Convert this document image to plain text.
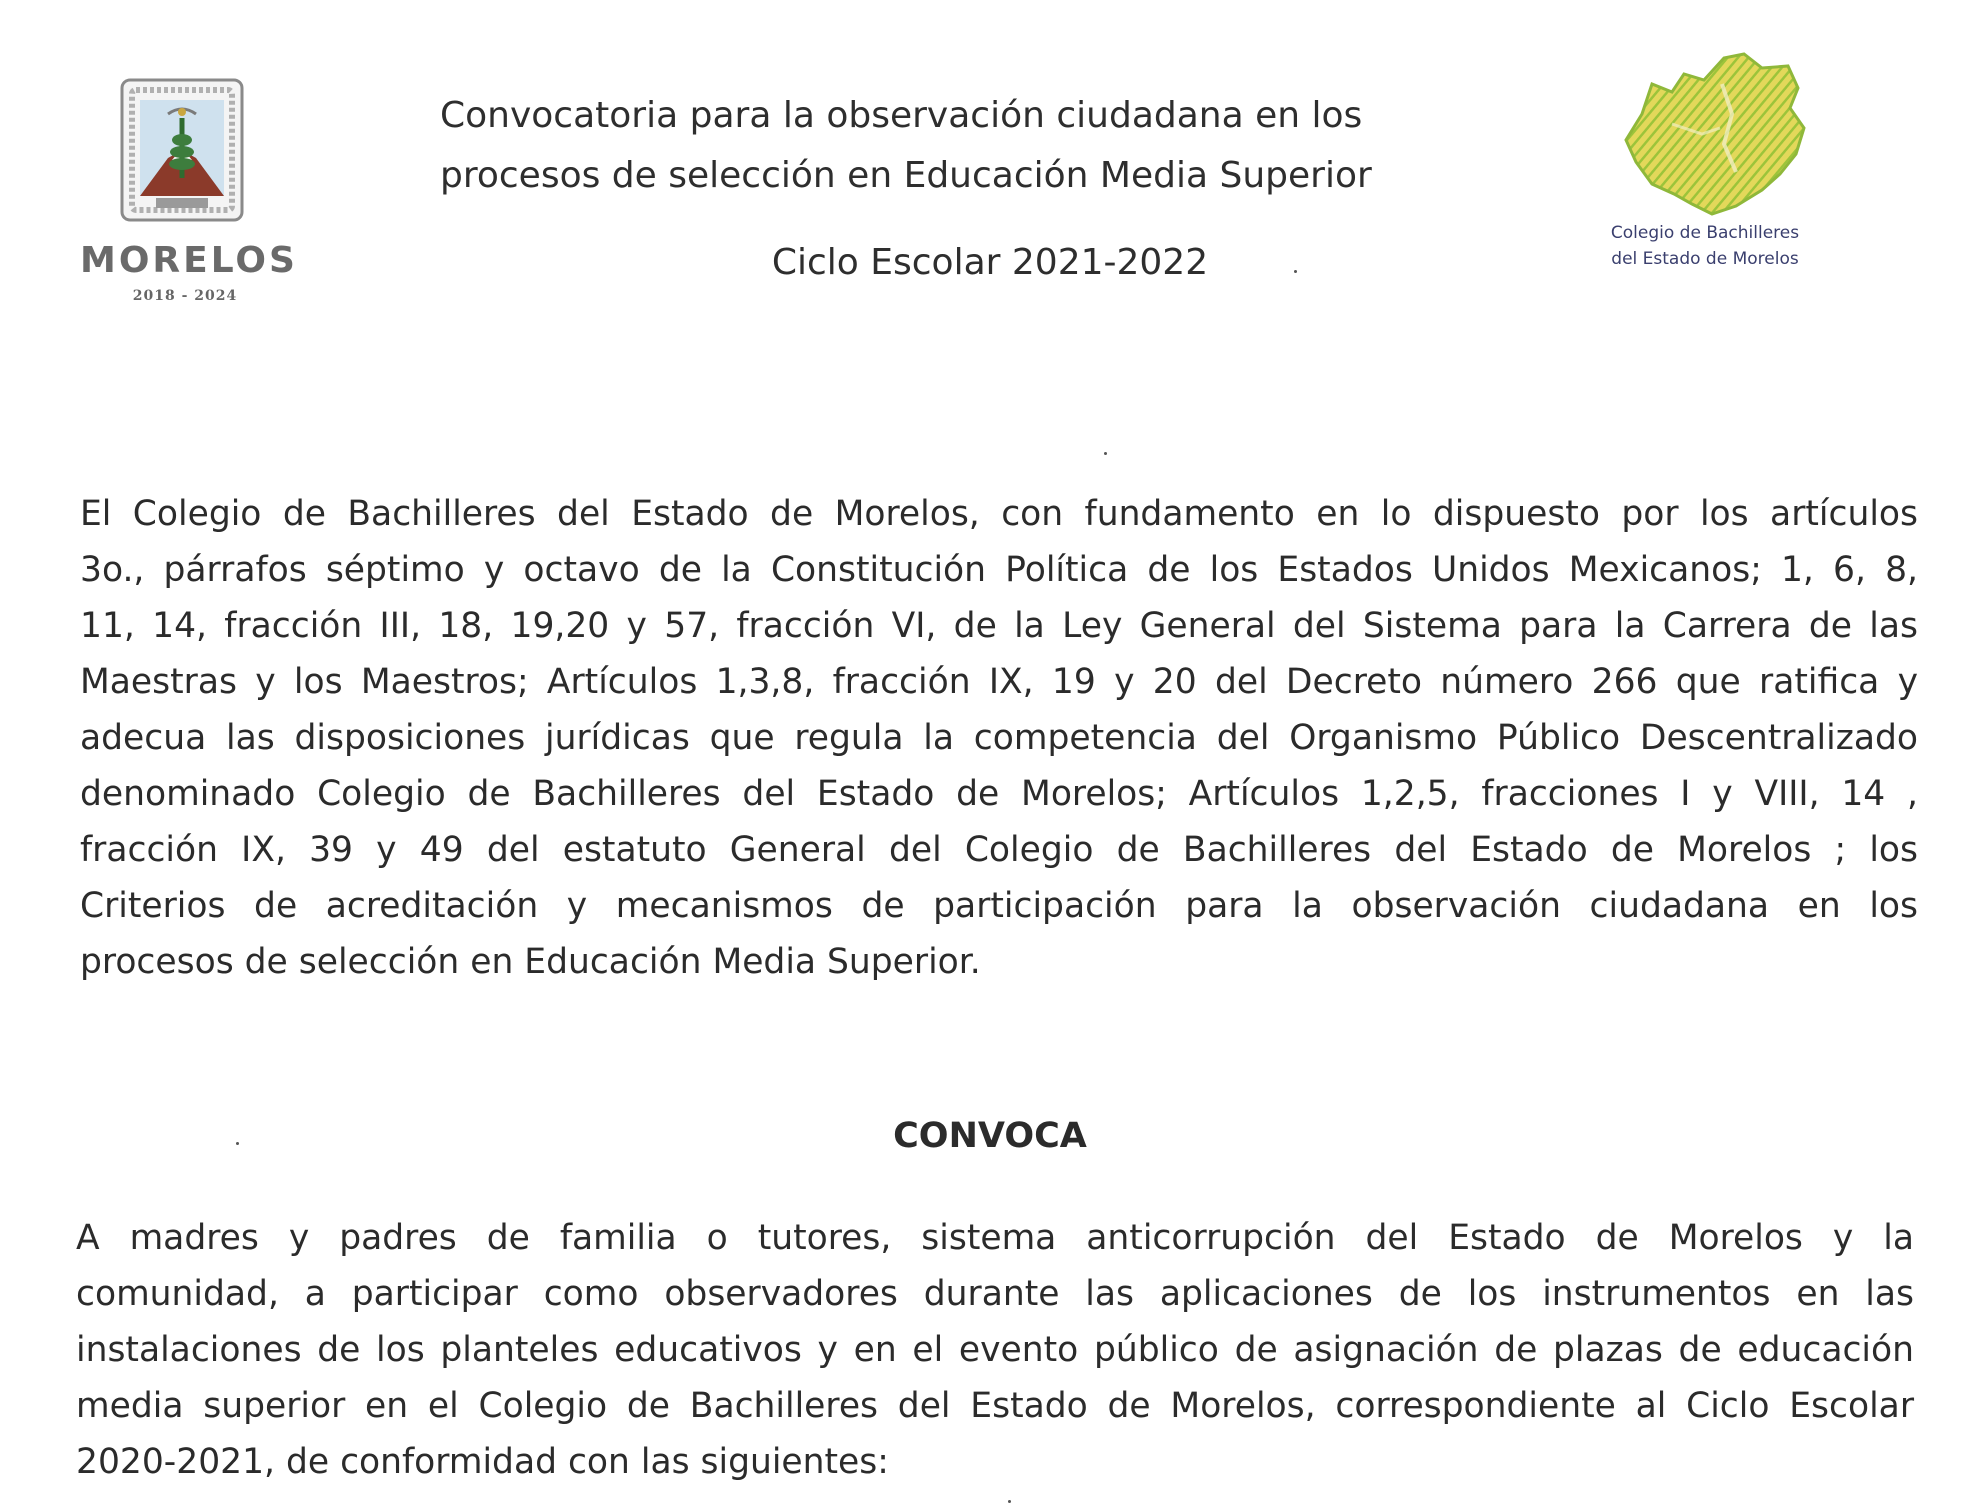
MORELOS
2018 - 2024
Convocatoria para la observación ciudadana en los
procesos de selección en Educación Media Superior
Ciclo Escolar 2021-2022
Colegio de Bachilleres
del Estado de Morelos
El Colegio de Bachilleres del Estado de Morelos, con fundamento en lo dispuesto por los artículos
3o., párrafos séptimo y octavo de la Constitución Política de los Estados Unidos Mexicanos; 1, 6, 8,
11, 14, fracción III, 18, 19,20 y 57, fracción VI, de la Ley General del Sistema para la Carrera de las
Maestras y los Maestros; Artículos 1,3,8, fracción IX, 19 y 20 del Decreto número 266 que ratifica y
adecua las disposiciones jurídicas que regula la competencia del Organismo Público Descentralizado
denominado Colegio de Bachilleres del Estado de Morelos; Artículos 1,2,5, fracciones I y VIII, 14 ,
fracción IX, 39 y 49 del estatuto General del Colegio de Bachilleres del Estado de Morelos ; los
Criterios de acreditación y mecanismos de participación para la observación ciudadana en los
procesos de selección en Educación Media Superior.
CONVOCA
A madres y padres de familia o tutores, sistema anticorrupción del Estado de Morelos y la
comunidad, a participar como observadores durante las aplicaciones de los instrumentos en las
instalaciones de los planteles educativos y en el evento público de asignación de plazas de educación
media superior en el Colegio de Bachilleres del Estado de Morelos, correspondiente al Ciclo Escolar
2020-2021, de conformidad con las siguientes:
